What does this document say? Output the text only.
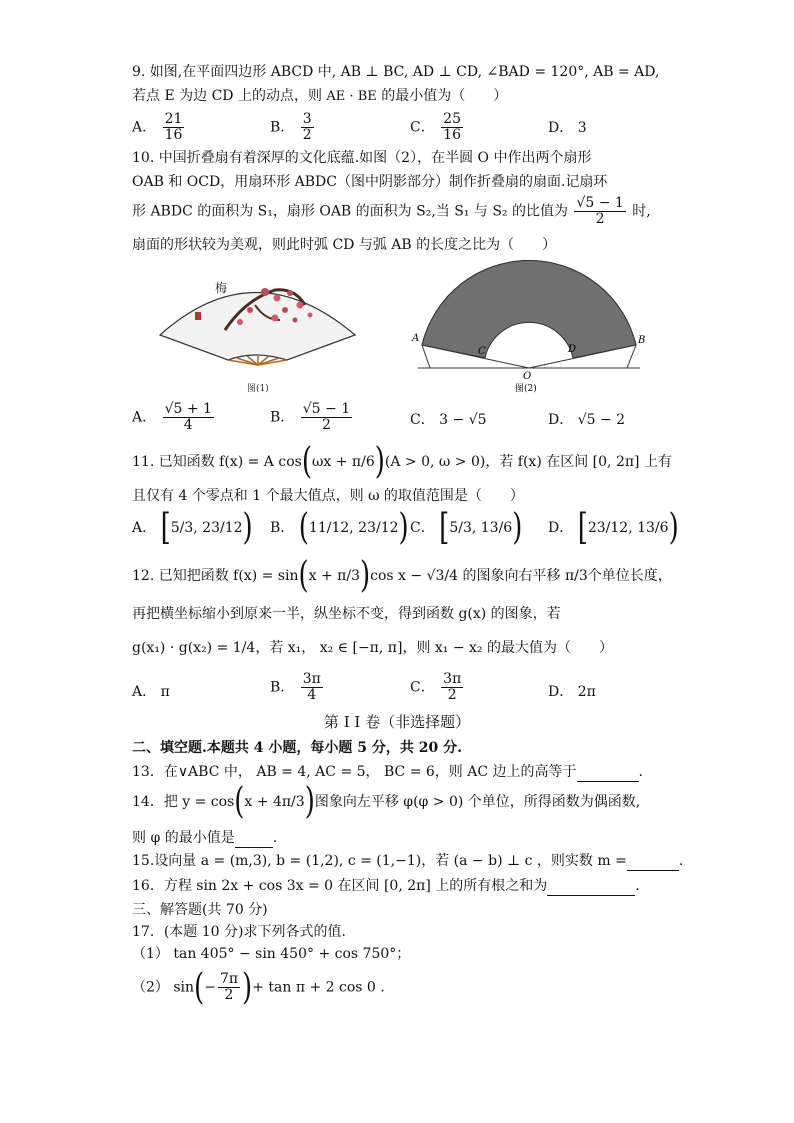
9. 如图,在平面四边形 ABCD 中, AB ⊥ BC, AD ⊥ CD, ∠BAD = 120°, AB = AD,
若点 E 为边 CD 上的动点，则 AE · BE 的最小值为（　　）
A． $\frac{21}{16}$	B． $\frac{3}{2}$	C． $\frac{25}{16}$	D． 3
10. 中国折叠扇有着深厚的文化底蕴.如图（2），在半圆 O 中作出两个扇形
OAB 和 OCD，用扇环形 ABDC（图中阴影部分）制作折叠扇的扇面.记扇环
形 ABDC 的面积为 S₁，扇形 OAB 的面积为 S₂,当 S₁ 与 S₂ 的比值为 $\frac{√5 - 1}{2}$ 时,
扇面的形状较为美观，则此时弧 CD 与弧 AB 的长度之比为（　　）
梅
图(1)
A	B
C	D
O
图(2)
A． $\frac{√5 + 1}{4}$	B． $\frac{√5 - 1}{2}$	C． 3 − √5	D． √5 − 2
11. 已知函数 f(x) = A cos(ωx + π/6)(A > 0, ω > 0)，若 f(x) 在区间 [0, 2π] 上有
且仅有 4 个零点和 1 个最大值点，则 ω 的取值范围是（　　）
A． [5/3, 23/12) B． (11/12, 23/12) C． [5/3, 13/6) D． [23/12, 13/6)
12. 已知把函数 f(x) = sin(x + π/3)cos x − √3/4 的图象向右平移 π/3个单位长度，
再把横坐标缩小到原来一半，纵坐标不变，得到函数 g(x) 的图象，若
g(x₁) · g(x₂) = 1/4，若 x₁， x₂ ∈ [−π, π]，则 x₁ − x₂ 的最大值为（　　）
A． π	B． $\frac{3\pi}{4}$	C． $\frac{3\pi}{2}$	D． 2π
第 I I 卷（非选择题）
二、填空题.本题共 4 小题，每小题 5 分，共 20 分.
13．在∨ABC 中， AB = 4, AC = 5， BC = 6，则 AC 边上的高等于	.
14．把 y = cos(x + 4π/3)图象向左平移 φ(φ > 0) 个单位，所得函数为偶函数,
则 φ 的最小值是	.
15.设向量 a = (m,3), b = (1,2), c = (1,−1)，若 (a − b) ⊥ c ，则实数 m =	.
16．方程 sin 2x + cos 3x = 0 在区间 [0, 2π] 上的所有根之和为	.
三、解答题(共 70 分)
17．(本题 10 分)求下列各式的值.
（1） tan 405° − sin 450° + cos 750°；
（2） $\sin(- \frac{7\pi}{2}$ )+ tan π + 2 cos 0 .
